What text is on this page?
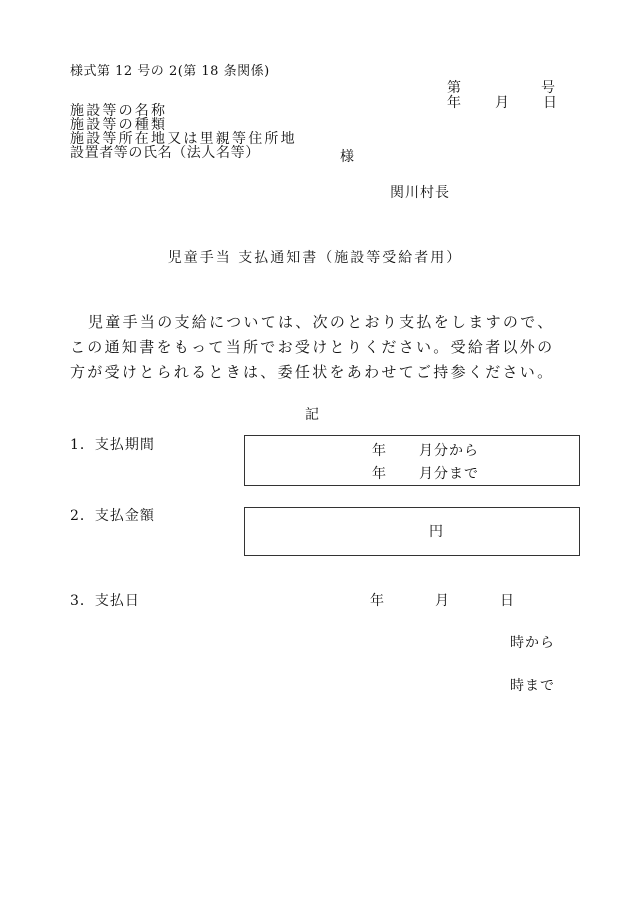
様式第 12 号の 2(第 18 条関係)
第	号
年 月 日
施設等の名称
施設等の種類
施設等所在地又は里親等住所地
設置者等の氏名（法人名等）	様
関川村長
児童手当 支払通知書（施設等受給者用）
児童手当の支給については、次のとおり支払をしますので、この通知書をもって当所でお受けとりください。受給者以外の方が受けとられるときは、委任状をあわせてご持参ください。
記
1．支払期間	年 月分から
年 月分まで
2．支払金額
円
3．支払日	年	月	日
時から
時まで
